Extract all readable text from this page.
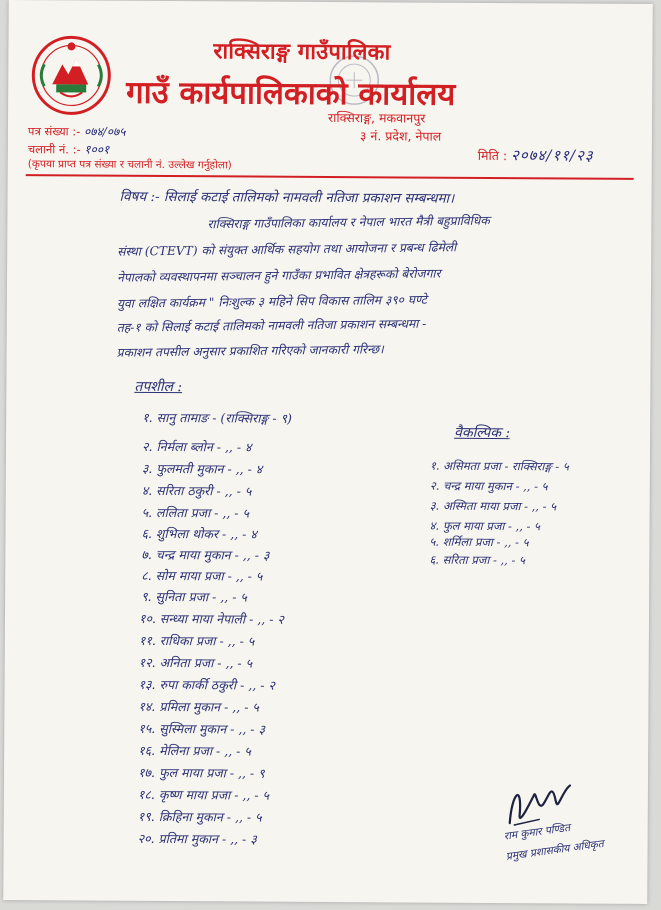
राक्सिराङ्ग गाउँपालिका
गाउँ कार्यपालिकाको कार्यालय
राक्सिराङ्ग, मकवानपुर
३ नं. प्रदेश, नेपाल
पत्र संख्या :- ०७४/०७५
चलानी नं. :- १००१
(कृपया प्राप्त पत्र संख्या र चलानी नं. उल्लेख गर्नुहोला)
मिति : २०७४/११/२३
विषय :- सिलाई कटाई तालिमको नामवली नतिजा प्रकाशन सम्बन्धमा।
राक्सिराङ्ग गाउँपालिका कार्यालय र नेपाल भारत मैत्री बहुप्राविधिक
संस्था (CTEVT) को संयुक्त आर्थिक सहयोग तथा आयोजना र प्रबन्ध ढिमेली
नेपालको व्यवस्थापनमा सञ्चालन हुने गाउँका प्रभावित क्षेत्रहरूको बेरोजगार
युवा लक्षित कार्यक्रम " निःशुल्क ३ महिने सिप विकास तालिम ३९० घण्टे
तह-१ को सिलाई कटाई तालिमको नामवली नतिजा प्रकाशन सम्बन्धमा -
प्रकाशन तपसील अनुसार प्रकाशित गरिएको जानकारी गरिन्छ।
तपशील :
१. सानु तामाङ - (राक्सिराङ्ग - ९)
२. निर्मला ब्लोन - ,, - ४
३. फुलमती मुकान - ,, - ४
४. सरिता ठकुरी - ,, - ५
५. ललिता प्रजा - ,, - ५
६. शुभिला थोकर - ,, - ४
७. चन्द्र माया मुकान - ,, - ३
८. सोम माया प्रजा - ,, - ५
९. सुनिता प्रजा - ,, - ५
१०. सन्ध्या माया नेपाली - ,, - २
११. राधिका प्रजा - ,, - ५
१२. अनिता प्रजा - ,, - ५
१३. रुपा कार्की ठकुरी - ,, - २
१४. प्रमिला मुकान - ,, - ५
१५. सुस्मिला मुकान - ,, - ३
१६. मेलिना प्रजा - ,, - ५
१७. फुल माया प्रजा - ,, - ९
१८. कृष्ण माया प्रजा - ,, - ५
१९. क्रिहिना मुकान - ,, - ५
२०. प्रतिमा मुकान - ,, - ३
वैकल्पिक :
१. असिमता प्रजा - राक्सिराङ्ग - ५
२. चन्द्र माया मुकान - ,, - ५
३. अस्मिता माया प्रजा - ,, - ५
४. फुल माया प्रजा - ,, - ५
५. शर्मिला प्रजा - ,, - ५
६. सरिता प्रजा - ,, - ५
राम कुमार पण्डित
प्रमुख प्रशासकीय अधिकृत
